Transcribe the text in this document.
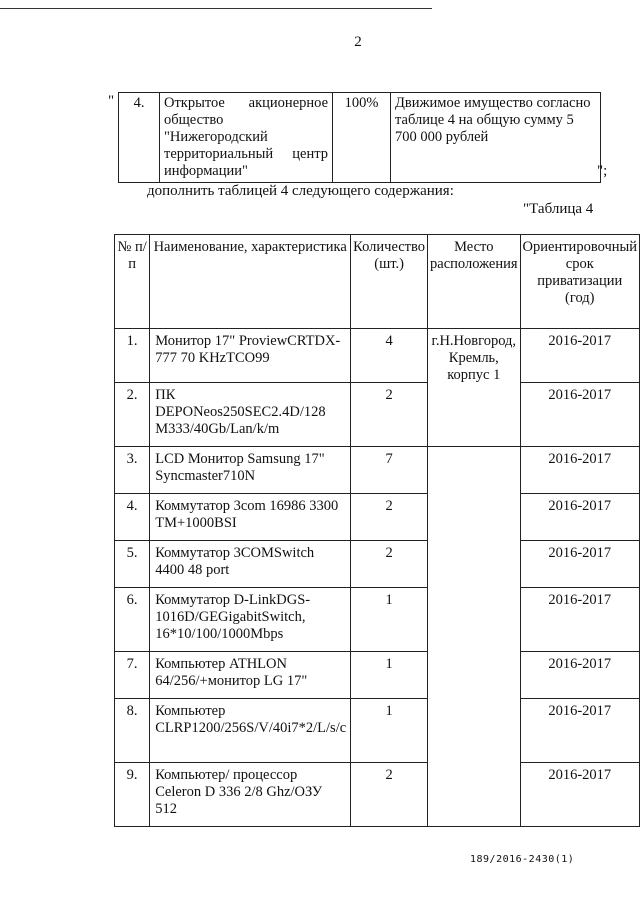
2
" 4.	Открытое акционерное общество "Нижегородский территориальный центр информации"	100%	Движимое имущество согласно таблице 4 на общую сумму 5 700 000 рублей
";
дополнить таблицей 4 следующего содержания:
"Таблица 4
№ п/п	Наименование, характеристика	Количество (шт.)	Место расположения	Ориентировочный срок приватизации (год)
1.	Монитор 17" ProviewCRTDX-777 70 KHzTCO99	4	г.Н.Новгород, Кремль, корпус 1	2016-2017
2.	ПК DEPONeos250SEC2.4D/128 M333/40Gb/Lan/k/m	2		2016-2017
3.	LCD Монитор Samsung 17" Syncmaster710N	7		2016-2017
4.	Коммутатор 3com 16986 3300 TM+1000BSI	2		2016-2017
5.	Коммутатор 3COMSwitch 4400 48 port	2		2016-2017
6.	Коммутатор D-LinkDGS-1016D/GEGigabitSwitch, 16*10/100/1000Mbps	1		2016-2017
7.	Компьютер ATHLON 64/256/+монитор LG 17"	1		2016-2017
8.	Компьютер CLRP1200/256S/V/40i7*2/L/s/c	1		2016-2017
9.	Компьютер/ процессор Celeron D 336 2/8 Ghz/ОЗУ 512	2		2016-2017
189/2016-2430(1)
